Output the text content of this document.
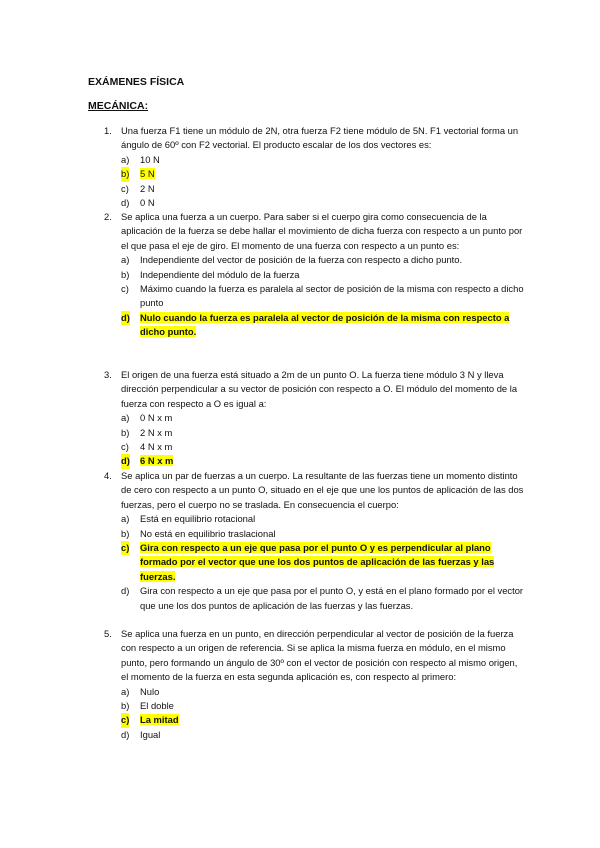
EXÁMENES FÍSICA
MECÁNICA:
1. Una fuerza F1 tiene un módulo de 2N, otra fuerza F2 tiene módulo de 5N. F1 vectorial forma un ángulo de 60º con F2 vectorial. El producto escalar de los dos vectores es:
a) 10 N
b) 5 N
c) 2 N
d) 0 N
2. Se aplica una fuerza a un cuerpo. Para saber si el cuerpo gira como consecuencia de la aplicación de la fuerza se debe hallar el movimiento de dicha fuerza con respecto a un punto por el que pasa el eje de giro. El momento de una fuerza con respecto a un punto es:
a) Independiente del vector de posición de la fuerza con respecto a dicho punto.
b) Independiente del módulo de la fuerza
c) Máximo cuando la fuerza es paralela al sector de posición de la misma con respecto a dicho punto
d) Nulo cuando la fuerza es paralela al vector de posición de la misma con respecto a dicho punto.
3. El origen de una fuerza está situado a 2m de un punto O. La fuerza tiene módulo 3 N y lleva dirección perpendicular a su vector de posición con respecto a O. El módulo del momento de la fuerza con respecto a O es igual a:
a) 0 N x m
b) 2 N x m
c) 4 N x m
d) 6 N x m
4. Se aplica un par de fuerzas a un cuerpo. La resultante de las fuerzas tiene un momento distinto de cero con respecto a un punto O, situado en el eje que une los puntos de aplicación de las dos fuerzas, pero el cuerpo no se traslada. En consecuencia el cuerpo:
a) Está en equilibrio rotacional
b) No está en equilibrio traslacional
c) Gira con respecto a un eje que pasa por el punto O y es perpendicular al plano formado por el vector que une los dos puntos de aplicación de las fuerzas y las fuerzas.
d) Gira con respecto a un eje que pasa por el punto O, y está en el plano formado por el vector que une los dos puntos de aplicación de las fuerzas y las fuerzas.
5. Se aplica una fuerza en un punto, en dirección perpendicular al vector de posición de la fuerza con respecto a un origen de referencia. Si se aplica la misma fuerza en módulo, en el mismo punto, pero formando un ángulo de 30º con el vector de posición con respecto al mismo origen, el momento de la fuerza en esta segunda aplicación es, con respecto al primero:
a) Nulo
b) El doble
c) La mitad
d) Igual
